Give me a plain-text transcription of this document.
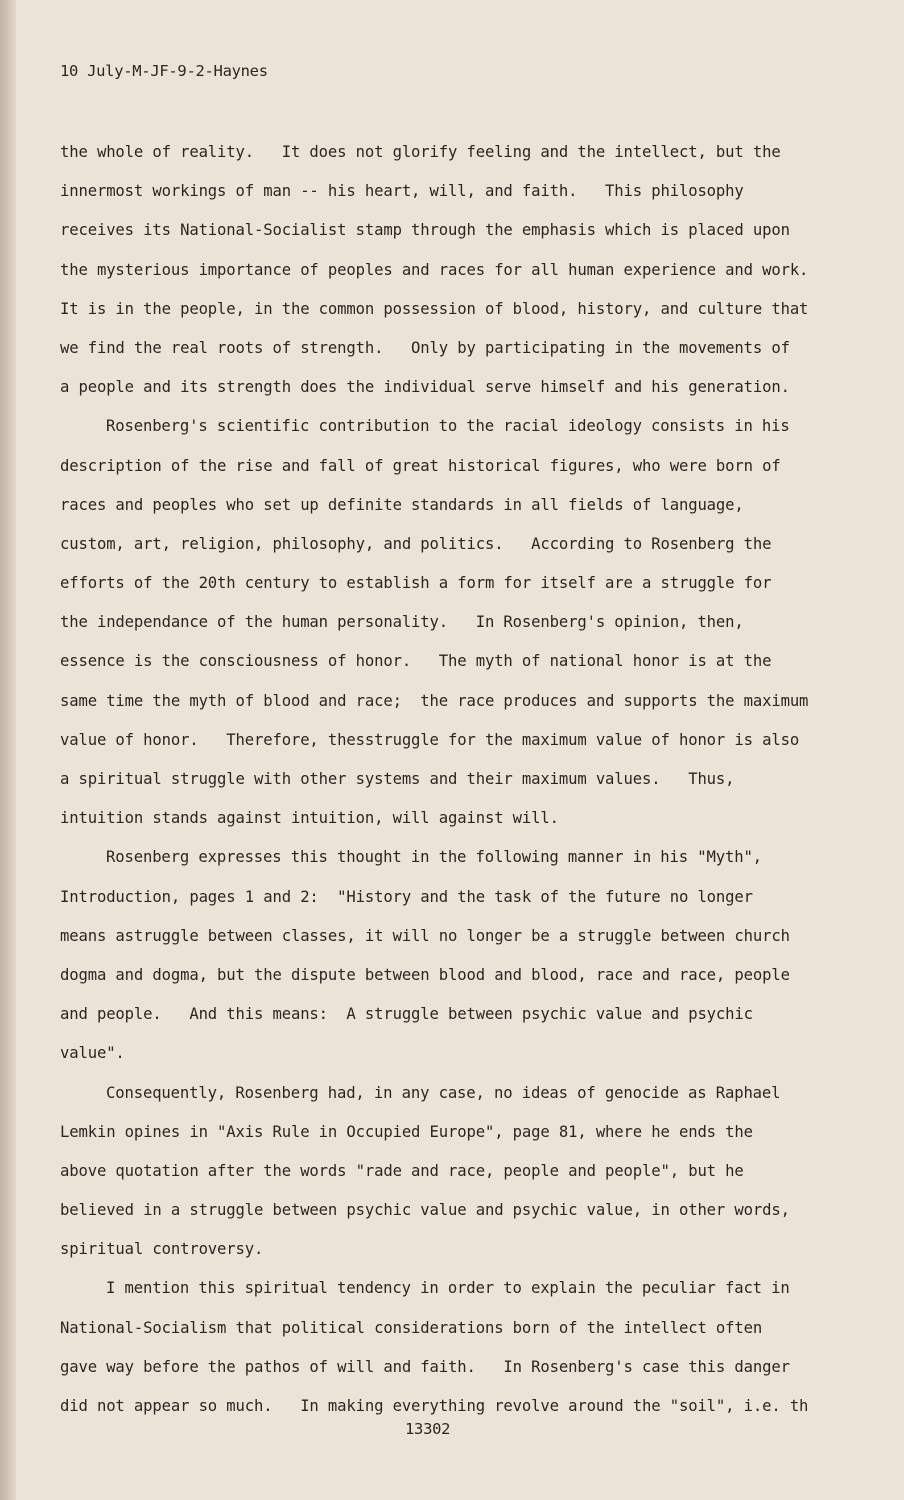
10 July-M-JF-9-2-Haynes
the whole of reality.   It does not glorify feeling and the intellect, but the
innermost workings of man -- his heart, will, and faith.   This philosophy
receives its National-Socialist stamp through the emphasis which is placed upon
the mysterious importance of peoples and races for all human experience and work.
It is in the people, in the common possession of blood, history, and culture that
we find the real roots of strength.   Only by participating in the movements of
a people and its strength does the individual serve himself and his generation.
Rosenberg's scientific contribution to the racial ideology consists in his
description of the rise and fall of great historical figures, who were born of
races and peoples who set up definite standards in all fields of language,
custom, art, religion, philosophy, and politics.   According to Rosenberg the
efforts of the 20th century to establish a form for itself are a struggle for
the independance of the human personality.   In Rosenberg's opinion, then,
essence is the consciousness of honor.   The myth of national honor is at the
same time the myth of blood and race;  the race produces and supports the maximum
value of honor.   Therefore, thesstruggle for the maximum value of honor is also
a spiritual struggle with other systems and their maximum values.   Thus,
intuition stands against intuition, will against will.
Rosenberg expresses this thought in the following manner in his "Myth",
Introduction, pages 1 and 2:  "History and the task of the future no longer
means astruggle between classes, it will no longer be a struggle between church
dogma and dogma, but the dispute between blood and blood, race and race, people
and people.   And this means:  A struggle between psychic value and psychic
value".
Consequently, Rosenberg had, in any case, no ideas of genocide as Raphael
Lemkin opines in "Axis Rule in Occupied Europe", page 81, where he ends the
above quotation after the words "rade and race, people and people", but he
believed in a struggle between psychic value and psychic value, in other words,
spiritual controversy.
I mention this spiritual tendency in order to explain the peculiar fact in
National-Socialism that political considerations born of the intellect often
gave way before the pathos of will and faith.   In Rosenberg's case this danger
did not appear so much.   In making everything revolve around the "soil", i.e. th
13302
